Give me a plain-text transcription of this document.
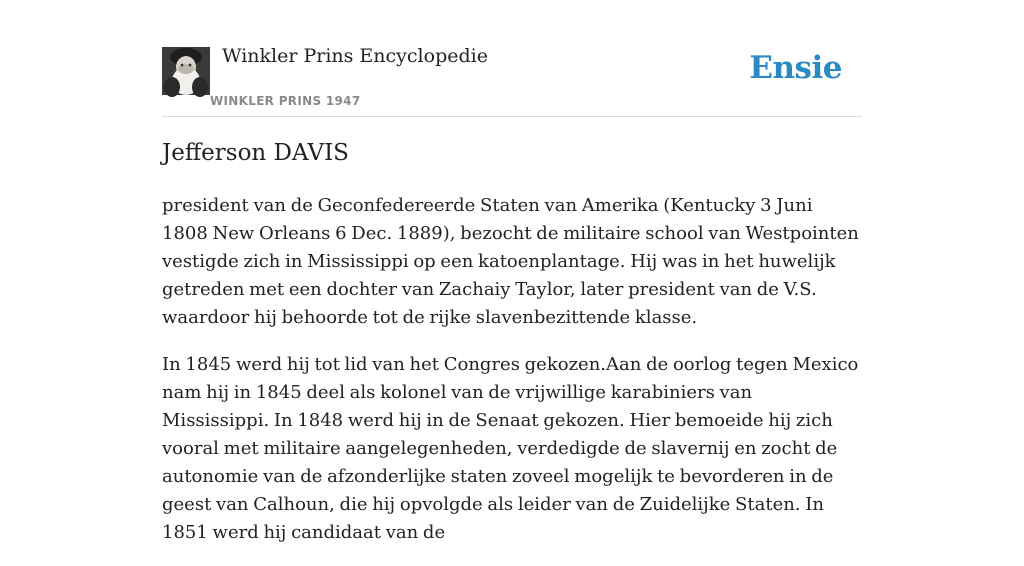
Winkler Prins Encyclopedie
WINKLER PRINS 1947
Ensie
Jefferson DAVIS

president van de Geconfedereerde Staten van Amerika (Kentucky 3 Juni 1808 New Orleans 6 Dec. 1889), bezocht de militaire school van Westpointen vestigde zich in Mississippi op een katoenplantage. Hij was in het huwelijk getreden met een dochter van Zachaiy Taylor, later president van de V.S. waardoor hij behoorde tot de rijke slavenbezittende klasse.

In 1845 werd hij tot lid van het Congres gekozen.Aan de oorlog tegen Mexico nam hij in 1845 deel als kolonel van de vrijwillige karabiniers van Mississippi. In 1848 werd hij in de Senaat gekozen. Hier bemoeide hij zich vooral met militaire aangelegenheden, verdedigde de slavernij en zocht de autonomie van de afzonderlijke staten zoveel mogelijk te bevorderen in de geest van Calhoun, die hij opvolgde als leider van de Zuidelijke Staten. In 1851 werd hij candidaat van de
